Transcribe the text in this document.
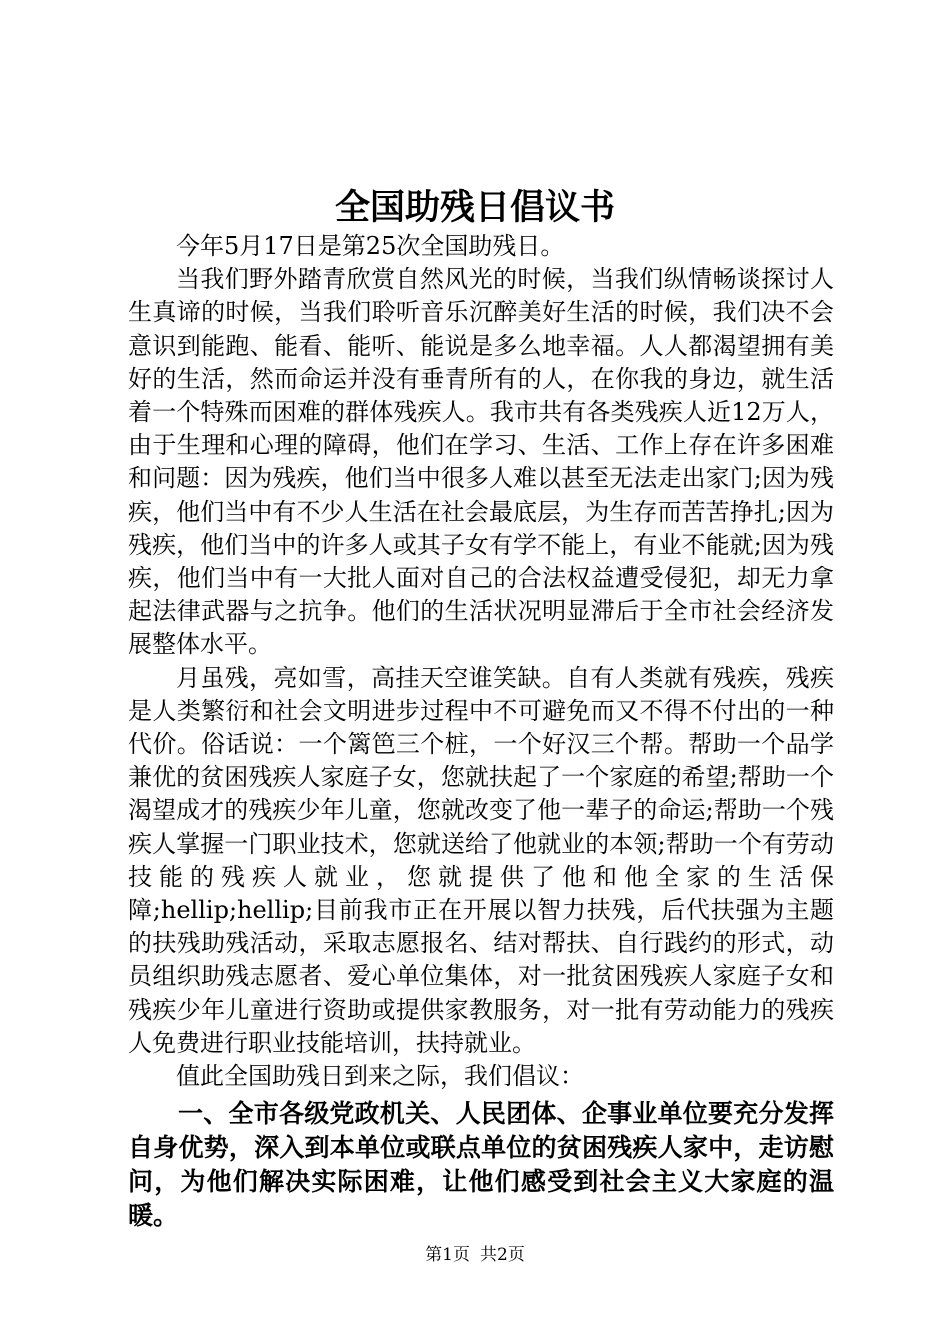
全国助残日倡议书

今年5月17日是第25次全国助残日。

当我们野外踏青欣赏自然风光的时候，当我们纵情畅谈探讨人生真谛的时候，当我们聆听音乐沉醉美好生活的时候，我们决不会意识到能跑、能看、能听、能说是多么地幸福。人人都渴望拥有美好的生活，然而命运并没有垂青所有的人，在你我的身边，就生活着一个特殊而困难的群体残疾人。我市共有各类残疾人近12万人，由于生理和心理的障碍，他们在学习、生活、工作上存在许多困难和问题：因为残疾，他们当中很多人难以甚至无法走出家门;因为残疾，他们当中有不少人生活在社会最底层，为生存而苦苦挣扎;因为残疾，他们当中的许多人或其子女有学不能上，有业不能就;因为残疾，他们当中有一大批人面对自己的合法权益遭受侵犯，却无力拿起法律武器与之抗争。他们的生活状况明显滞后于全市社会经济发展整体水平。

月虽残，亮如雪，高挂天空谁笑缺。自有人类就有残疾，残疾是人类繁衍和社会文明进步过程中不可避免而又不得不付出的一种代价。俗话说：一个篱笆三个桩，一个好汉三个帮。帮助一个品学兼优的贫困残疾人家庭子女，您就扶起了一个家庭的希望;帮助一个渴望成才的残疾少年儿童，您就改变了他一辈子的命运;帮助一个残疾人掌握一门职业技术，您就送给了他就业的本领;帮助一个有劳动技能的残疾人就业，您就提供了他和他全家的生活保障;hellip;hellip;目前我市正在开展以智力扶残，后代扶强为主题的扶残助残活动，采取志愿报名、结对帮扶、自行践约的形式，动员组织助残志愿者、爱心单位集体，对一批贫困残疾人家庭子女和残疾少年儿童进行资助或提供家教服务，对一批有劳动能力的残疾人免费进行职业技能培训，扶持就业。

值此全国助残日到来之际，我们倡议：

一、全市各级党政机关、人民团体、企事业单位要充分发挥自身优势，深入到本单位或联点单位的贫困残疾人家中，走访慰问，为他们解决实际困难，让他们感受到社会主义大家庭的温暖。

第1页 共2页
